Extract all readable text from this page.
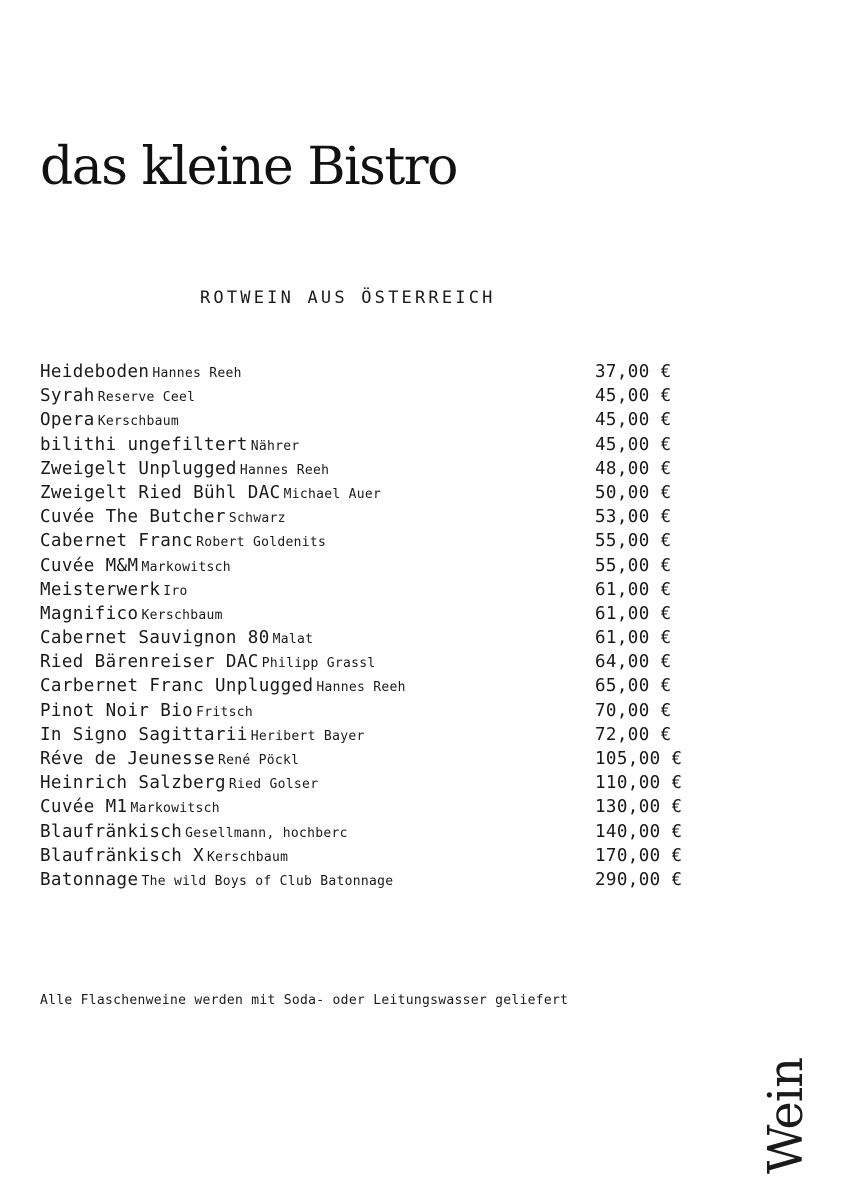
das kleine Bistro
ROTWEIN AUS ÖSTERREICH
Heideboden Hannes Reeh	37,00 €
Syrah Reserve Ceel	45,00 €
Opera Kerschbaum	45,00 €
bilithi ungefiltert Nährer	45,00 €
Zweigelt Unplugged Hannes Reeh	48,00 €
Zweigelt Ried Bühl DAC Michael Auer	50,00 €
Cuvée The Butcher Schwarz	53,00 €
Cabernet Franc Robert Goldenits	55,00 €
Cuvée M&M Markowitsch	55,00 €
Meisterwerk Iro	61,00 €
Magnifico Kerschbaum	61,00 €
Cabernet Sauvignon 80 Malat	61,00 €
Ried Bärenreiser DAC Philipp Grassl	64,00 €
Carbernet Franc Unplugged Hannes Reeh	65,00 €
Pinot Noir Bio Fritsch	70,00 €
In Signo Sagittarii Heribert Bayer	72,00 €
Réve de Jeunesse René Pöckl	105,00 €
Heinrich Salzberg Ried Golser	110,00 €
Cuvée M1 Markowitsch	130,00 €
Blaufränkisch Gesellmann, hochberc	140,00 €
Blaufränkisch X Kerschbaum	170,00 €
Batonnage The wild Boys of Club Batonnage	290,00 €

Alle Flaschenweine werden mit Soda- oder Leitungswasser geliefert

Wein
